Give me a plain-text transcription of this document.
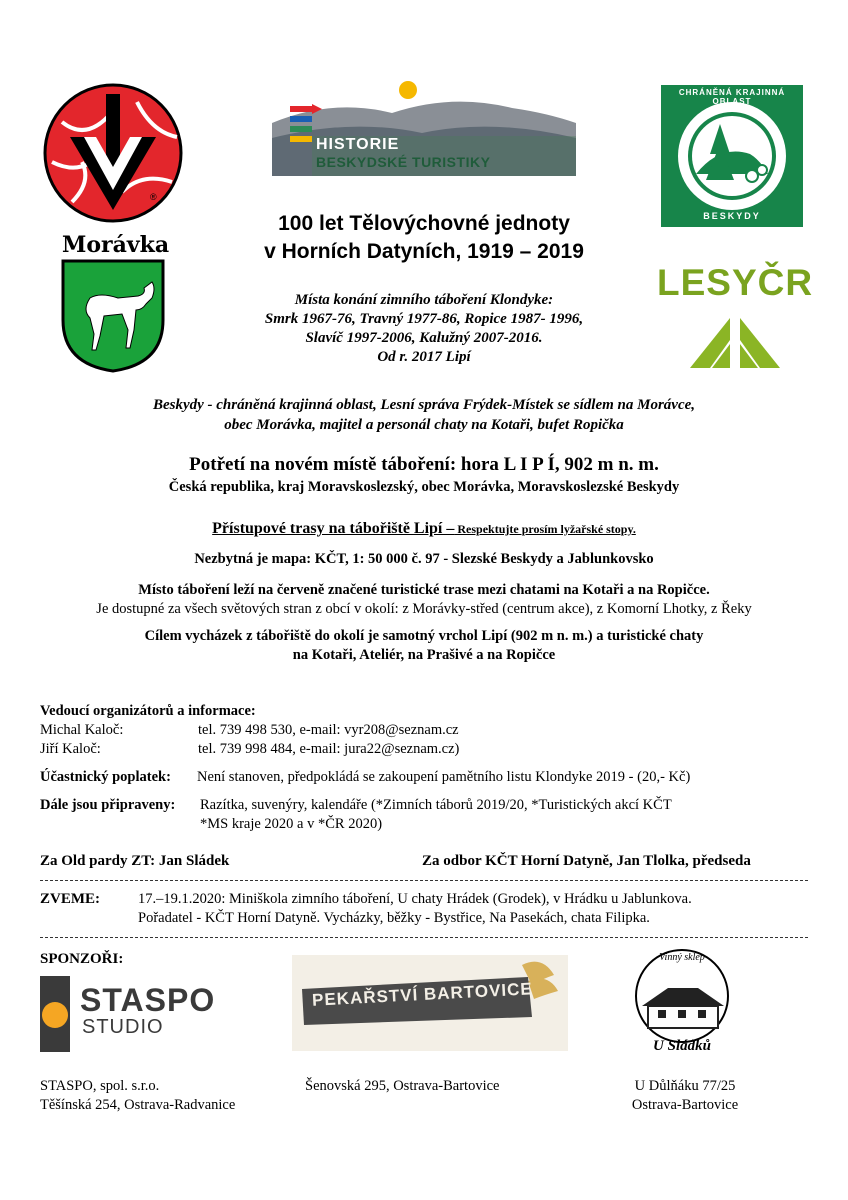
®
Morávka
HISTORIE
BESKYDSKÉ TURISTIKY
CHRÁNĚNÁ KRAJINNÁ OBLAST
BESKYDY
LESYČR
100 let Tělovýchovné jednoty
v Horních Datyních, 1919 – 2019
Místa konání zimního táboření Klondyke:
Smrk 1967-76, Travný 1977-86, Ropice 1987- 1996,
Slavíč 1997-2006, Kalužný 2007-2016.
Od r. 2017 Lipí
Beskydy - chráněná krajinná oblast, Lesní správa Frýdek-Místek se sídlem na Morávce,
obec Morávka, majitel a personál chaty na Kotaři, bufet Ropička
Potřetí na novém místě táboření: hora L I P Í, 902 m n. m.
Česká republika, kraj Moravskoslezský, obec Morávka, Moravskoslezské Beskydy
Přístupové trasy na tábořiště Lipí – Respektujte prosím lyžařské stopy.
Nezbytná je mapa: KČT, 1: 50 000 č. 97 - Slezské Beskydy a Jablunkovsko
Místo táboření leží na červeně značené turistické trase mezi chatami na Kotaři a na Ropičce.
Je dostupné za všech světových stran z obcí v okolí: z Morávky-střed (centrum akce), z Komorní Lhotky, z Řeky
Cílem vycházek z tábořiště do okolí je samotný vrchol Lipí (902 m n. m.) a turistické chaty
na Kotaři, Ateliér, na Prašivé a na Ropičce
Vedoucí organizátorů a informace:
Michal Kaloč:	tel. 739 498 530, e-mail: vyr208@seznam.cz
Jiří Kaloč:	tel. 739 998 484, e-mail: jura22@seznam.cz)
Účastnický poplatek: Není stanoven, předpokládá se zakoupení pamětního listu Klondyke 2019 - (20,- Kč)
Dále jsou připraveny: Razítka, suvenýry, kalendáře (*Zimních táborů 2019/20, *Turistických akcí KČT
*MS kraje 2020 a v *ČR 2020)
Za Old pardy ZT: Jan Sládek	Za odbor KČT Horní Datyně, Jan Tlolka, předseda
ZVEME:	17.–19.1.2020: Miniškola zimního táboření, U chaty Hrádek (Grodek), v Hrádku u Jablunkova.
Pořadatel - KČT Horní Datyně. Vycházky, běžky - Bystřice, Na Pasekách, chata Filipka.
SPONZOŘI:
STASPO
STUDIO
PEKAŘSTVÍ BARTOVICE
Vinný sklep
U Sládků
STASPO, spol. s.r.o.
Těšínská 254, Ostrava-Radvanice
Šenovská 295, Ostrava-Bartovice	U Důlňáku 77/25
Ostrava-Bartovice
